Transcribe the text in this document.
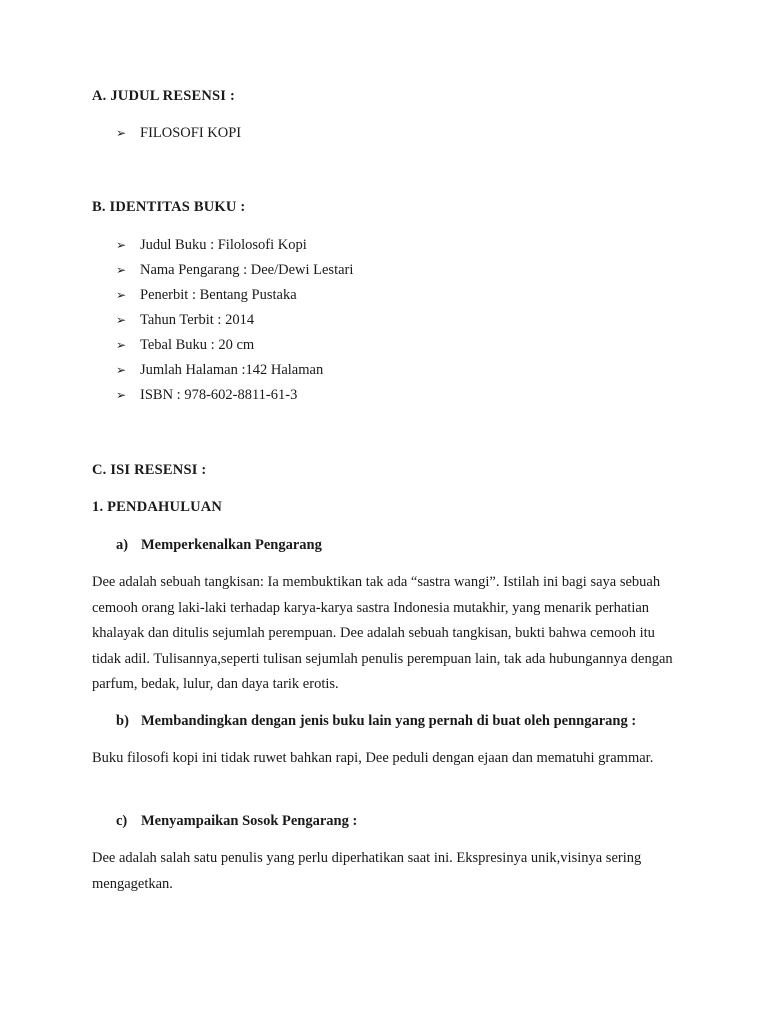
A. JUDUL RESENSI :
➢ FILOSOFI KOPI
B. IDENTITAS BUKU :
➢ Judul Buku : Filolosofi Kopi
➢ Nama Pengarang : Dee/Dewi Lestari
➢ Penerbit : Bentang Pustaka
➢ Tahun Terbit : 2014
➢ Tebal Buku : 20 cm
➢ Jumlah Halaman :142 Halaman
➢ ISBN : 978-602-8811-61-3
C. ISI RESENSI :
1. PENDAHULUAN
a) Memperkenalkan Pengarang

Dee adalah sebuah tangkisan: Ia membuktikan tak ada “sastra wangi”. Istilah ini bagi saya sebuah cemooh orang laki-laki terhadap karya-karya sastra Indonesia mutakhir, yang menarik perhatian khalayak dan ditulis sejumlah perempuan. Dee adalah sebuah tangkisan, bukti bahwa cemooh itu tidak adil. Tulisannya,seperti tulisan sejumlah penulis perempuan lain, tak ada hubungannya dengan parfum, bedak, lulur, dan daya tarik erotis.

b) Membandingkan dengan jenis buku lain yang pernah di buat oleh penngarang :

Buku filosofi kopi ini tidak ruwet bahkan rapi, Dee peduli dengan ejaan dan mematuhi grammar.

c) Menyampaikan Sosok Pengarang :

Dee adalah salah satu penulis yang perlu diperhatikan saat ini. Ekspresinya unik,visinya sering mengagetkan.
